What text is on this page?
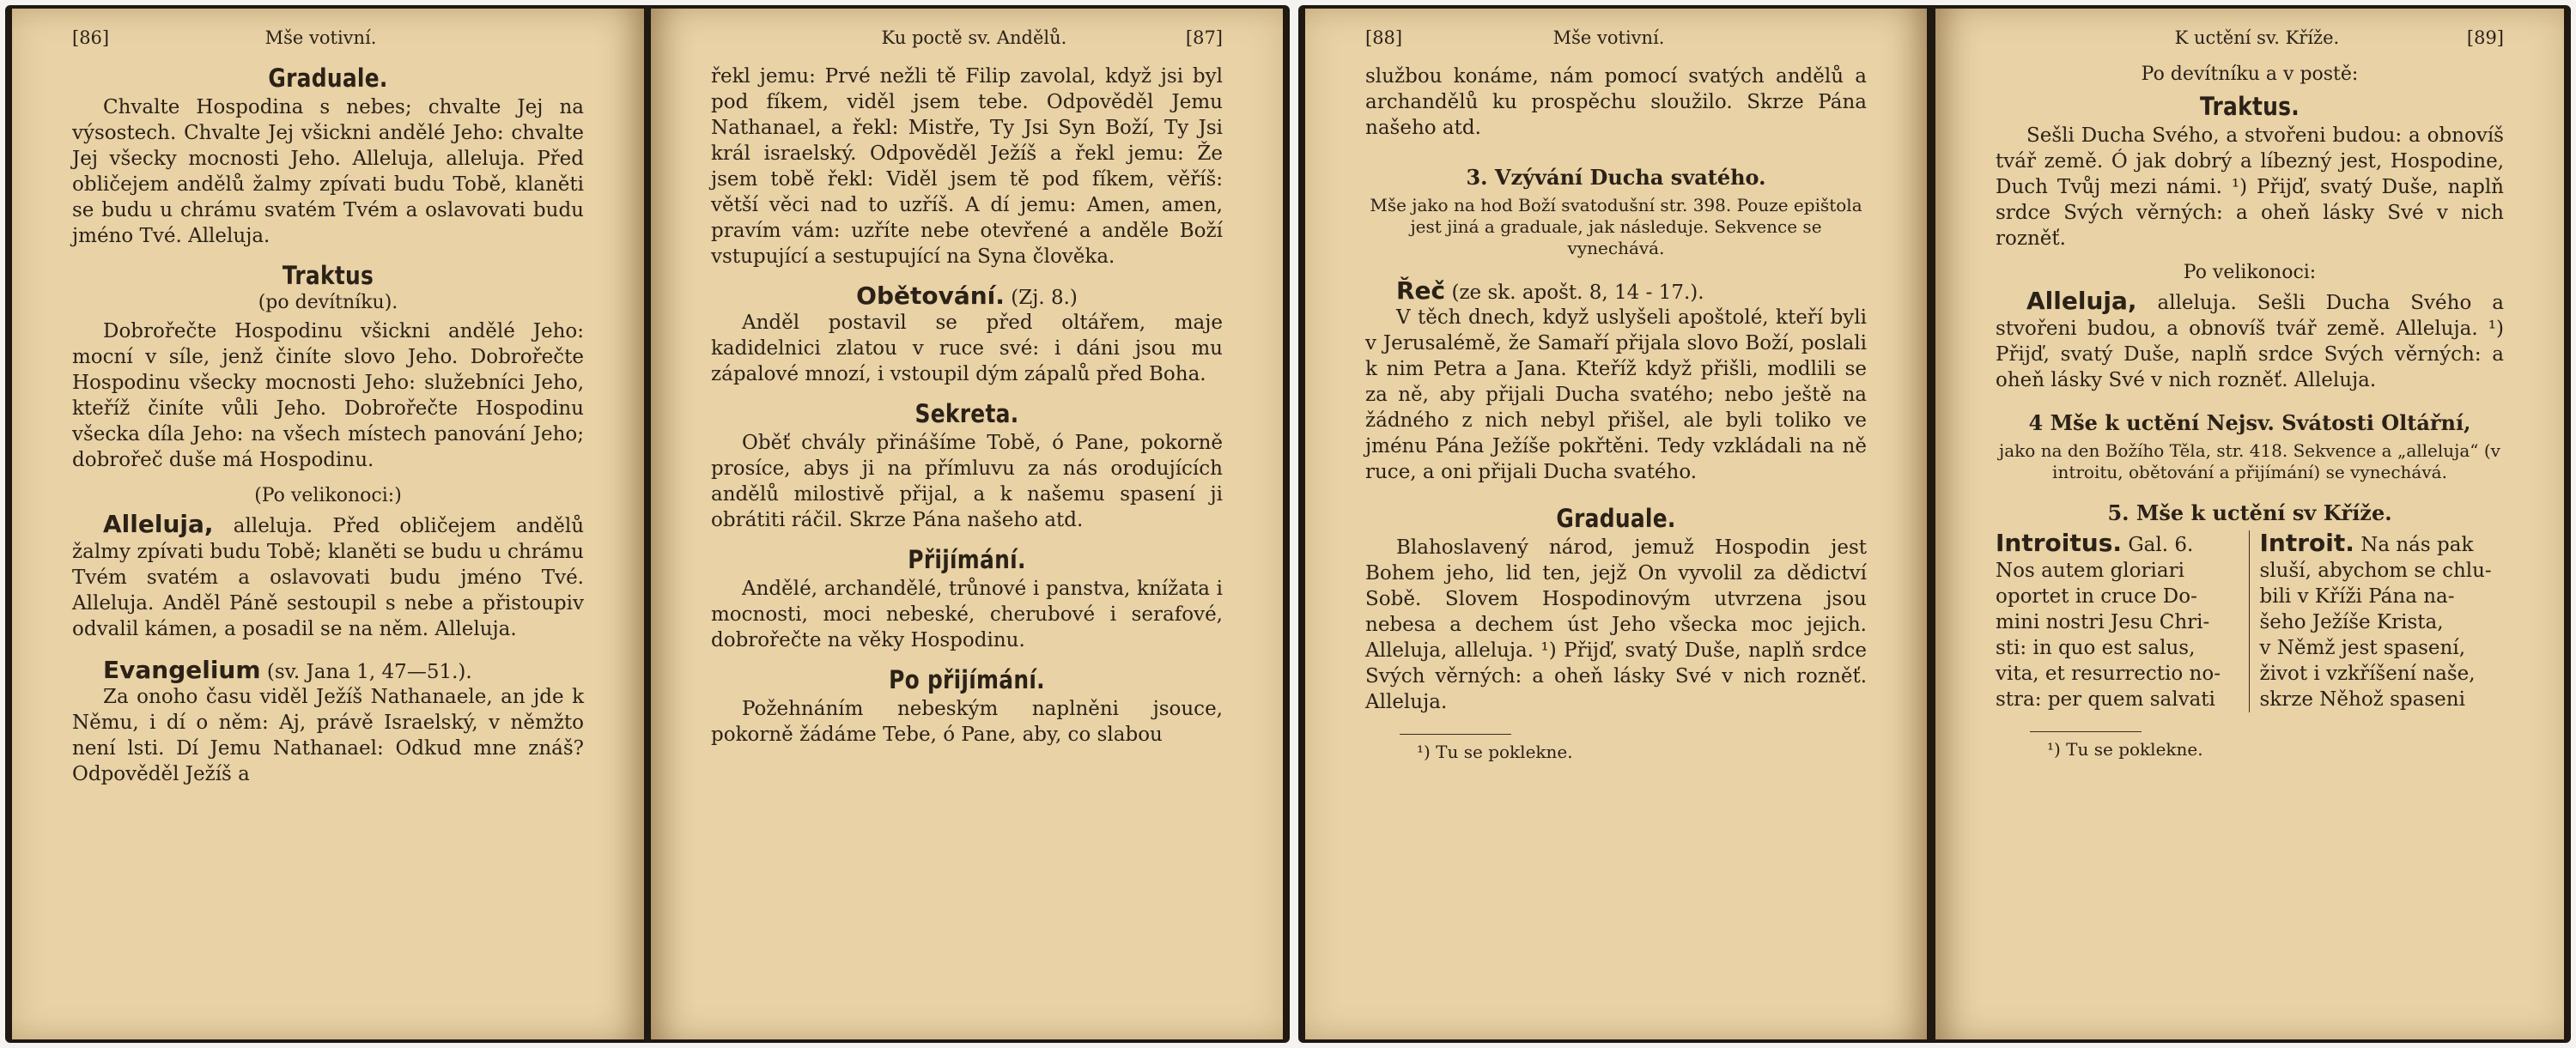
[86]	Mše votivní.
Graduale.

Chvalte Hospodina s nebes; chvalte Jej na výsostech. Chvalte Jej všickni andělé Jeho: chvalte Jej všecky mocnosti Jeho. Alleluja, alleluja. Před obličejem andělů žalmy zpívati budu Tobě, klaněti se budu u chrámu svatém Tvém a oslavovati budu jméno Tvé. Alleluja.

Traktus
(po devítníku).

Dobrořečte Hospodinu všickni andělé Jeho: mocní v síle, jenž činíte slovo Jeho. Dobrořečte Hospodinu všecky mocnosti Jeho: služebníci Jeho, kteříž činíte vůli Jeho. Dobrořečte Hospodinu všecka díla Jeho: na všech místech panování Jeho; dobrořeč duše má Hospodinu.

(Po velikonoci:)

Alleluja, alleluja. Před obličejem andělů žalmy zpívati budu Tobě; klaněti se budu u chrámu Tvém svatém a oslavovati budu jméno Tvé. Alleluja. Anděl Páně sestoupil s nebe a přistoupiv odvalil kámen, a posadil se na něm. Alleluja.

Evangelium (sv. Jana 1, 47—51.).

Za onoho času viděl Ježíš Nathanaele, an jde k Němu, i dí o něm: Aj, právě Israelský, v němžto není lsti. Dí Jemu Nathanael: Odkud mne znáš? Odpověděl Ježíš a

Ku poctě sv. Andělů.	[87]

řekl jemu: Prvé nežli tě Filip zavolal, když jsi byl pod fíkem, viděl jsem tebe. Odpověděl Jemu Nathanael, a řekl: Mistře, Ty Jsi Syn Boží, Ty Jsi král israelský. Odpověděl Ježíš a řekl jemu: Že jsem tobě řekl: Viděl jsem tě pod fíkem, věříš: větší věci nad to uzříš. A dí jemu: Amen, amen, pravím vám: uzříte nebe otevřené a anděle Boží vstupující a sestupující na Syna člověka.

Obětování. (Zj. 8.)

Anděl postavil se před oltářem, maje kadidelnici zlatou v ruce své: i dáni jsou mu zápalové mnozí, i vstoupil dým zápalů před Boha.

Sekreta.

Oběť chvály přinášíme Tobě, ó Pane, pokorně prosíce, abys ji na přímluvu za nás orodujících andělů milostivě přijal, a k našemu spasení ji obrátiti ráčil. Skrze Pána našeho atd.

Přijímání.

Andělé, archandělé, trůnové i panstva, knížata i mocnosti, moci nebeské, cherubové i serafové, dobrořečte na věky Hospodinu.

Po přijímání.

Požehnáním nebeským naplněni jsouce, pokorně žádáme Tebe, ó Pane, aby, co slabou

[88]	Mše votivní.

službou konáme, nám pomocí svatých andělů a archandělů ku prospěchu sloužilo. Skrze Pána našeho atd.

3. Vzývání Ducha svatého.

Mše jako na hod Boží svatodušní str. 398. Pouze epištola jest jiná a graduale, jak následuje. Sekvence se vynechává.

Řeč (ze sk. apošt. 8, 14 - 17.).

V těch dnech, když uslyšeli apoštolé, kteří byli v Jerusalémě, že Samaří přijala slovo Boží, poslali k nim Petra a Jana. Kteříž když přišli, modlili se za ně, aby přijali Ducha svatého; nebo ještě na žádného z nich nebyl přišel, ale byli toliko ve jménu Pána Ježíše pokřtěni. Tedy vzkládali na ně ruce, a oni přijali Ducha svatého.

Graduale.

Blahoslavený národ, jemuž Hospodin jest Bohem jeho, lid ten, jejž On vyvolil za dědictví Sobě. Slovem Hospodinovým utvrzena jsou nebesa a dechem úst Jeho všecka moc jejich. Alleluja, alleluja. ¹) Přijď, svatý Duše, naplň srdce Svých věrných: a oheň lásky Své v nich rozněť. Alleluja.

¹) Tu se poklekne.
K uctění sv. Kříže.	[89]
Po devítníku a v postě:
Traktus.

Sešli Ducha Svého, a stvořeni budou: a obnovíš tvář země. Ó jak dobrý a líbezný jest, Hospodine, Duch Tvůj mezi námi. ¹) Přijď, svatý Duše, naplň srdce Svých věrných: a oheň lásky Své v nich rozněť.

Po velikonoci:

Alleluja, alleluja. Sešli Ducha Svého a stvořeni budou, a obnovíš tvář země. Alleluja. ¹) Přijď, svatý Duše, naplň srdce Svých věrných: a oheň lásky Své v nich rozněť. Alleluja.

4 Mše k uctění Nejsv. Svátosti Oltářní,

jako na den Božího Těla, str. 418. Sekvence a „alleluja“ (v introitu, obětování a přijímání) se vynechává.

5. Mše k uctění sv Kříže.
Introitus. Gal. 6.
Nos autem gloriari
oportet in cruce Do-
mini nostri Jesu Chri-
sti: in quo est salus,
vita, et resurrectio no-
stra: per quem salvati
Introit. Na nás pak
sluší, abychom se chlu-
bili v Kříži Pána na-
šeho Ježíše Krista,
v Němž jest spasení,
život i vzkříšení naše,
skrze Něhož spaseni
¹) Tu se poklekne.
